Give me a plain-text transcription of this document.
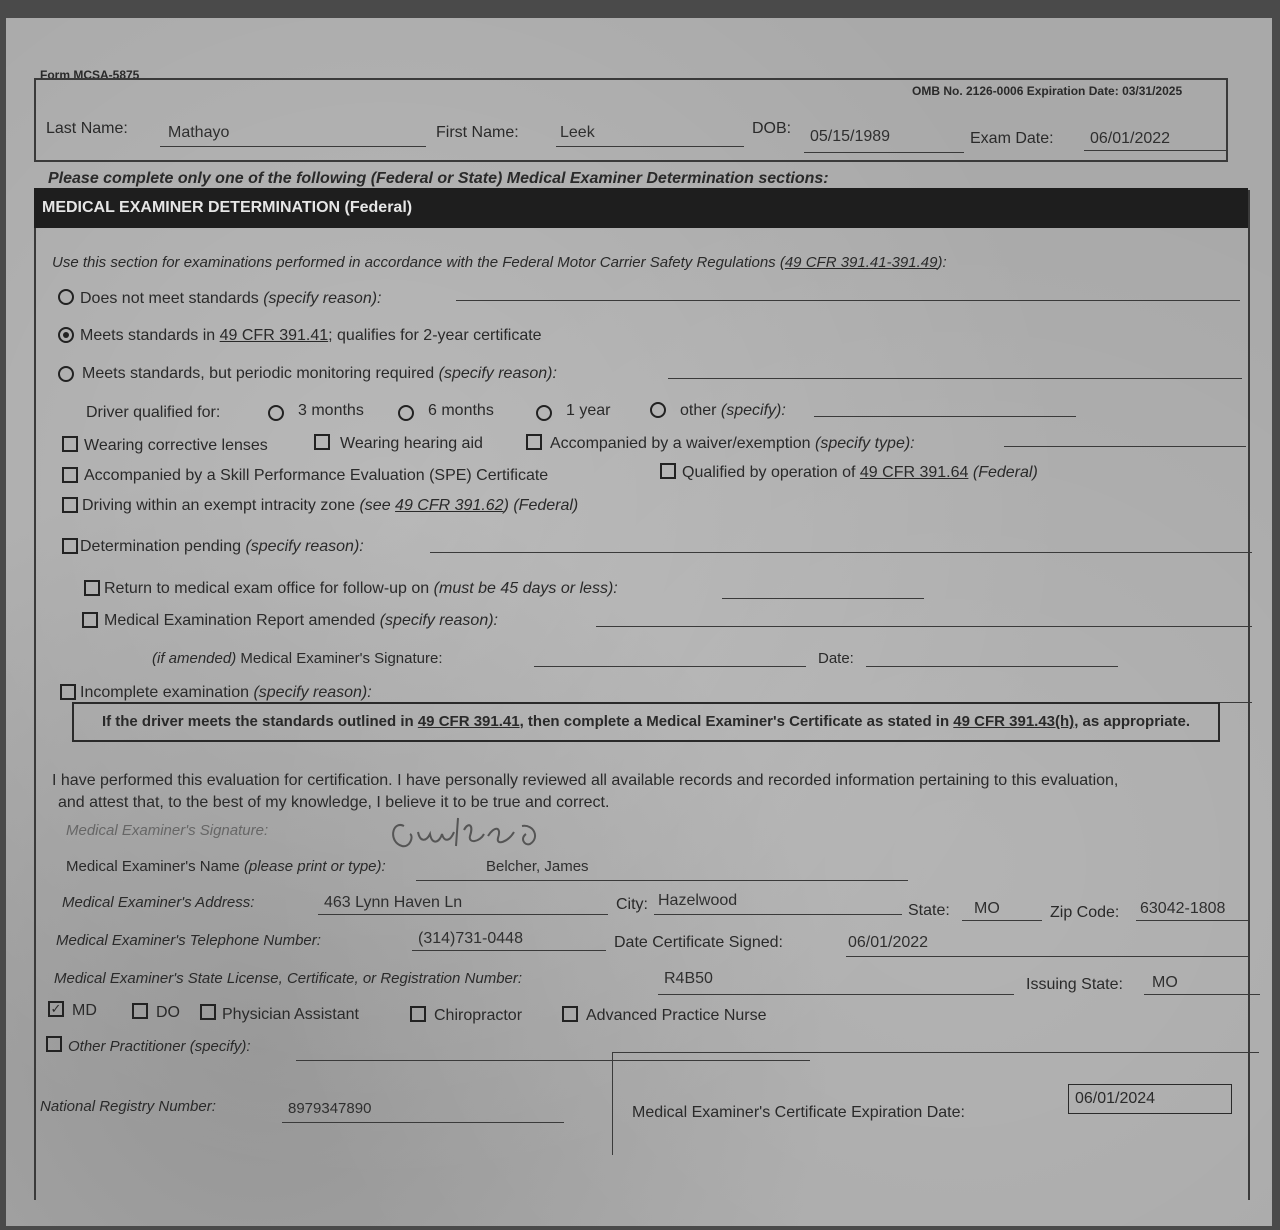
Form MCSA-5875
OMB No. 2126-0006 Expiration Date: 03/31/2025
Last Name:	Mathayo	First Name:	Leek	DOB: 05/15/1989	Exam Date: 06/01/2022
Please complete only one of the following (Federal or State) Medical Examiner Determination sections:
MEDICAL EXAMINER DETERMINATION (Federal)
Use this section for examinations performed in accordance with the Federal Motor Carrier Safety Regulations (49 CFR 391.41-391.49):
Does not meet standards (specify reason):
Meets standards in 49 CFR 391.41; qualifies for 2-year certificate
Meets standards, but periodic monitoring required (specify reason):
Driver qualified for:	3 months	6 months	1 year	other (specify):
Wearing corrective lenses	Wearing hearing aid	Accompanied by a waiver/exemption (specify type):
Accompanied by a Skill Performance Evaluation (SPE) Certificate	Qualified by operation of 49 CFR 391.64 (Federal)
Driving within an exempt intracity zone (see 49 CFR 391.62) (Federal)
Determination pending (specify reason):
Return to medical exam office for follow-up on (must be 45 days or less):
Medical Examination Report amended (specify reason):
(if amended) Medical Examiner's Signature:	Date:
Incomplete examination (specify reason):
If the driver meets the standards outlined in 49 CFR 391.41, then complete a Medical Examiner's Certificate as stated in 49 CFR 391.43(h), as appropriate.
I have performed this evaluation for certification. I have personally reviewed all available records and recorded information pertaining to this evaluation,
and attest that, to the best of my knowledge, I believe it to be true and correct.
Medical Examiner's Signature:
Medical Examiner's Name (please print or type):	Belcher, James
Medical Examiner's Address:	463 Lynn Haven Ln	City: Hazelwood
State: MO	Zip Code: 63042-1808
Medical Examiner's Telephone Number:	(314)731-0448	Date Certificate Signed:	06/01/2022
Medical Examiner's State License, Certificate, or Registration Number:	R4B50	Issuing State: MO
✓ MD	DO	Physician Assistant	Chiropractor	Advanced Practice Nurse
Other Practitioner (specify):
National Registry Number:	8979347890	Medical Examiner's Certificate Expiration Date:
06/01/2024
